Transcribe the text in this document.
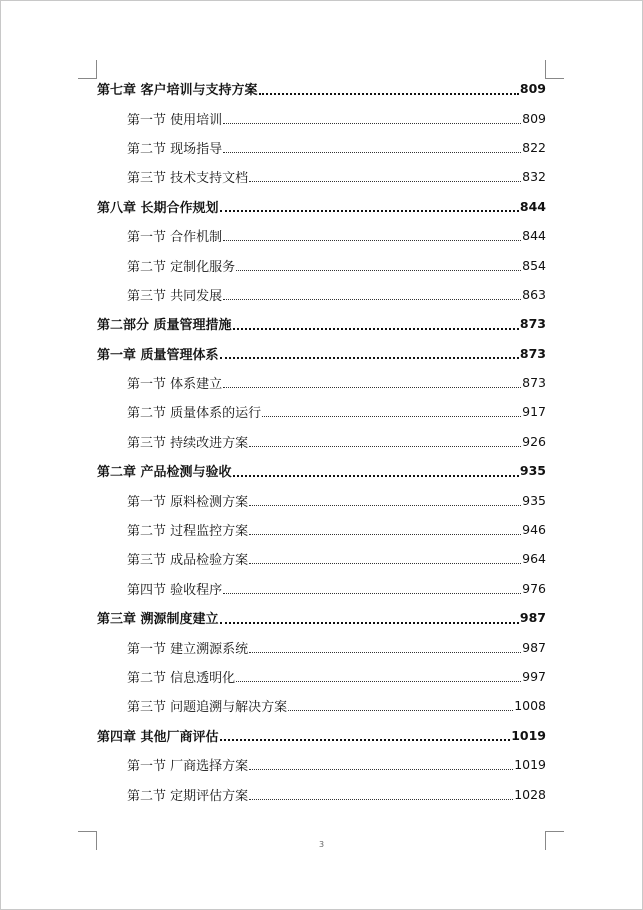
第七章 客户培训与支持方案	809
第一节 使用培训	809
第二节 现场指导	822
第三节 技术支持文档	832
第八章 长期合作规划	844
第一节 合作机制	844
第二节 定制化服务	854
第三节 共同发展	863
第二部分 质量管理措施	873
第一章 质量管理体系	873
第一节 体系建立	873
第二节 质量体系的运行	917
第三节 持续改进方案	926
第二章 产品检测与验收	935
第一节 原料检测方案	935
第二节 过程监控方案	946
第三节 成品检验方案	964
第四节 验收程序	976
第三章 溯源制度建立	987
第一节 建立溯源系统	987
第二节 信息透明化	997
第三节 问题追溯与解决方案	1008
第四章 其他厂商评估	1019
第一节 厂商选择方案	1019
第二节 定期评估方案	1028
3
